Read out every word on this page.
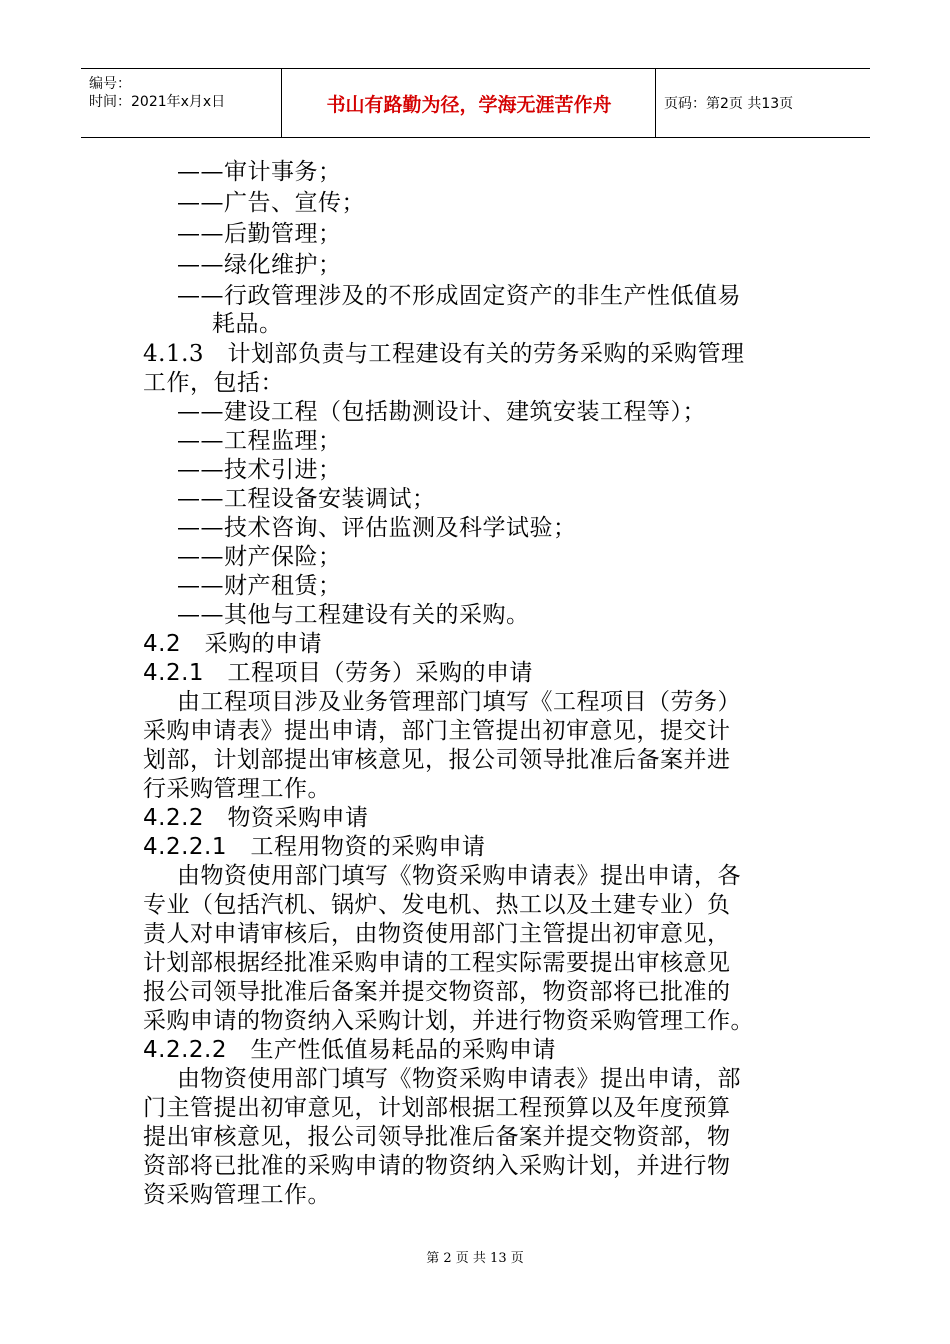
编号：
时间：2021年x月x日	书山有路勤为径，学海无涯苦作舟	页码：第2页 共13页
——审计事务；
——广告、宣传；
——后勤管理；
——绿化维护；
——行政管理涉及的不形成固定资产的非生产性低值易
耗品。
4.1.3　计划部负责与工程建设有关的劳务采购的采购管理
工作，包括：
——建设工程（包括勘测设计、建筑安装工程等）；
——工程监理；
——技术引进；
——工程设备安装调试；
——技术咨询、评估监测及科学试验；
——财产保险；
——财产租赁；
——其他与工程建设有关的采购。
4.2　采购的申请
4.2.1　工程项目（劳务）采购的申请
由工程项目涉及业务管理部门填写《工程项目（劳务）
采购申请表》提出申请，部门主管提出初审意见，提交计
划部，计划部提出审核意见，报公司领导批准后备案并进
行采购管理工作。
4.2.2　物资采购申请
4.2.2.1　工程用物资的采购申请
由物资使用部门填写《物资采购申请表》提出申请，各
专业（包括汽机、锅炉、发电机、热工以及土建专业）负
责人对申请审核后，由物资使用部门主管提出初审意见，
计划部根据经批准采购申请的工程实际需要提出审核意见
报公司领导批准后备案并提交物资部，物资部将已批准的
采购申请的物资纳入采购计划，并进行物资采购管理工作。
4.2.2.2　生产性低值易耗品的采购申请
由物资使用部门填写《物资采购申请表》提出申请，部
门主管提出初审意见，计划部根据工程预算以及年度预算
提出审核意见，报公司领导批准后备案并提交物资部，物
资部将已批准的采购申请的物资纳入采购计划，并进行物
资采购管理工作。
第 2 页 共 13 页
